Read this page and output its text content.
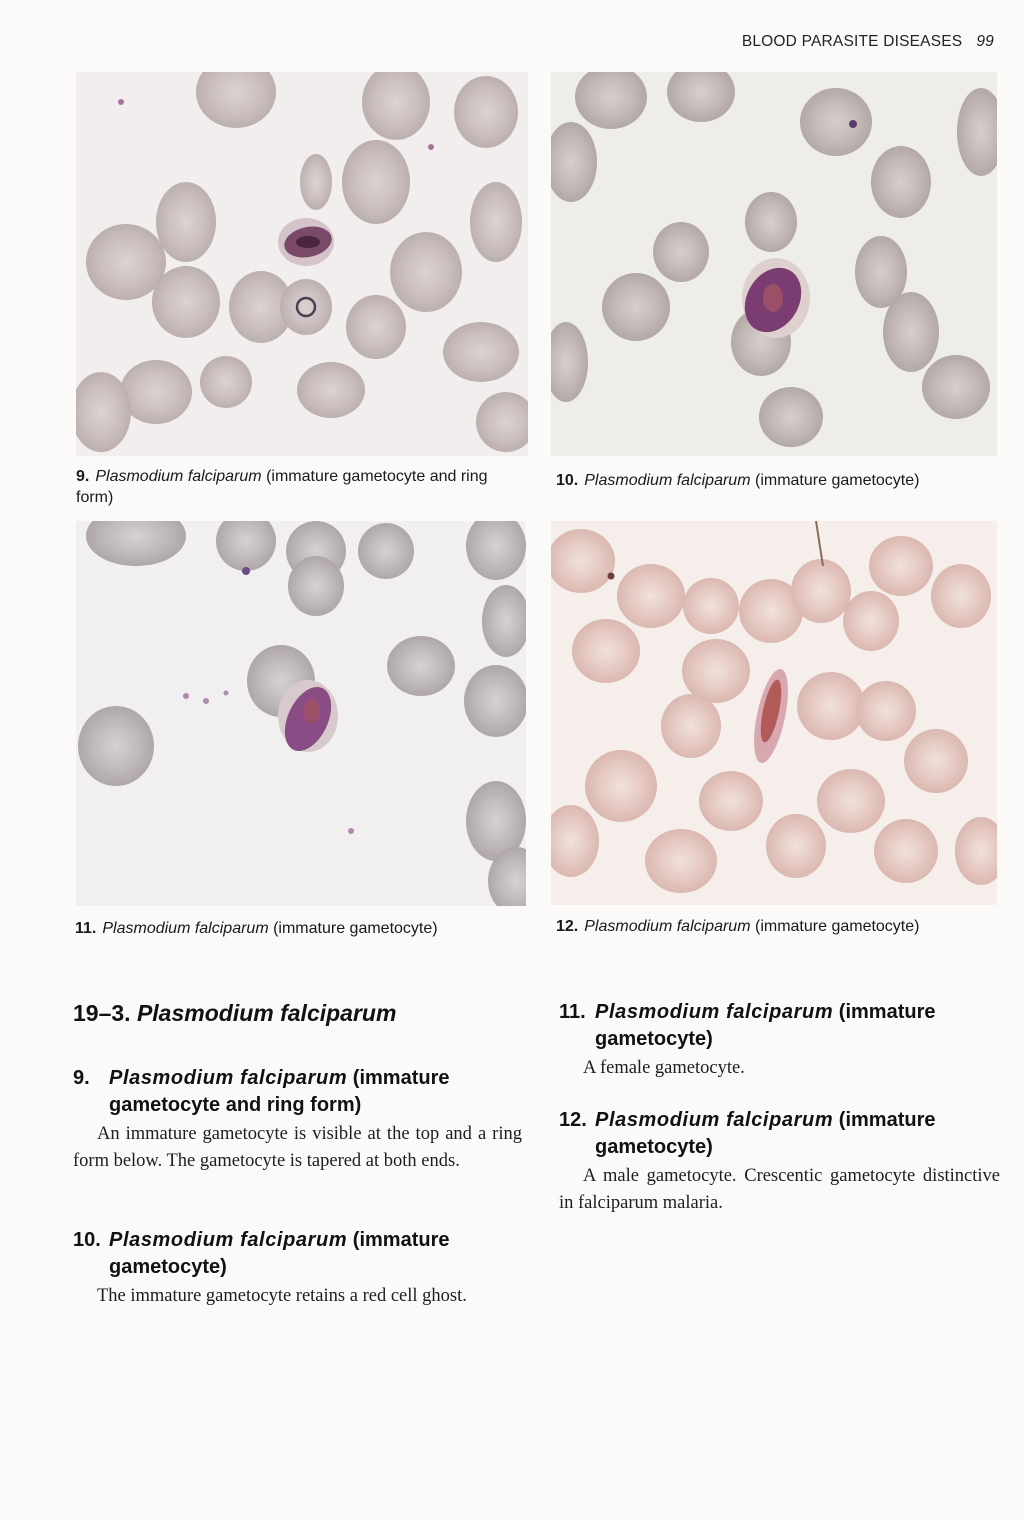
BLOOD PARASITE DISEASES 99
9. Plasmodium falciparum (immature gametocyte and ring form)
10. Plasmodium falciparum (immature gametocyte)
11. Plasmodium falciparum (immature gametocyte)	12. Plasmodium falciparum (immature gametocyte)
19–3. Plasmodium falciparum
9. Plasmodium falciparum (immature gametocyte and ring form)
An immature gametocyte is visible at the top and a ring form below. The gametocyte is tapered at both ends.
10. Plasmodium falciparum (immature gametocyte)
The immature gametocyte retains a red cell ghost.
11. Plasmodium falciparum (immature gametocyte)
A female gametocyte.
12. Plasmodium falciparum (immature gametocyte)
A male gametocyte. Crescentic gametocyte distinctive in falciparum malaria.
